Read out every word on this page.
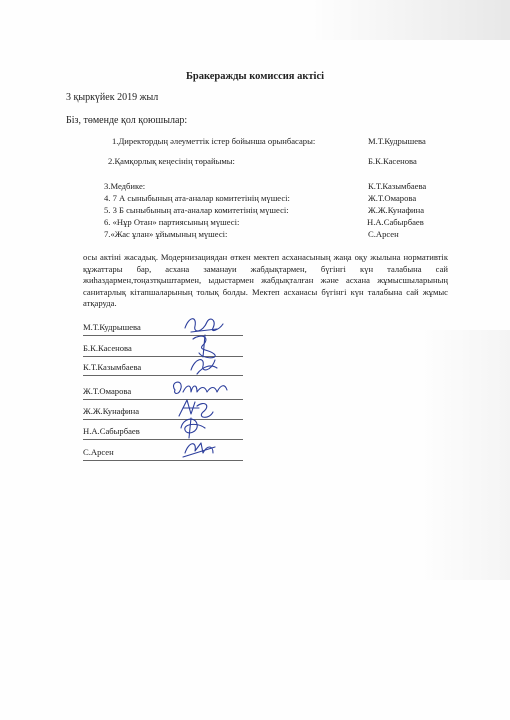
Бракеражды комиссия актісі
3 қыркүйек 2019 жыл
Біз, төменде қол қоюшылар:
1.Директордың әлеуметтік істер бойынша орынбасары:	М.Т.Кудрышева
2.Қамқорлық кеңесінің төрайымы:	Б.К.Касенова
3.Медбике:	К.Т.Казымбаева
4. 7 А сыныбының ата-аналар комитетінің мүшесі:	Ж.Т.Омарова
5. 3 Б сыныбының ата-аналар комитетінің мүшесі:	Ж.Ж.Кунафина
6. «Нұр Отан» партиясының мүшесі:	Н.А.Сабырбаев
7.«Жас ұлан» ұйымының мүшесі:	С.Арсен
осы актіні жасадық. Модернизациядан өткен мектеп асханасының жаңа оқу жылына нормативтік құжаттары бар, асхана заманауи жабдықтармен, бүгінгі күн талабына сай жиһаздармен,тоңазтқыштармен, ыдыстармен жабдықталған және асхана жұмысшыларының санитарлық кітапшаларының толық болды. Мектеп асханасы бүгінгі күн талабына сай жұмыс атқаруда.
М.Т.Кудрышева
Б.К.Касенова
К.Т.Казымбаева
Ж.Т.Омарова
Ж.Ж.Кунафина
Н.А.Сабырбаев
С.Арсен
